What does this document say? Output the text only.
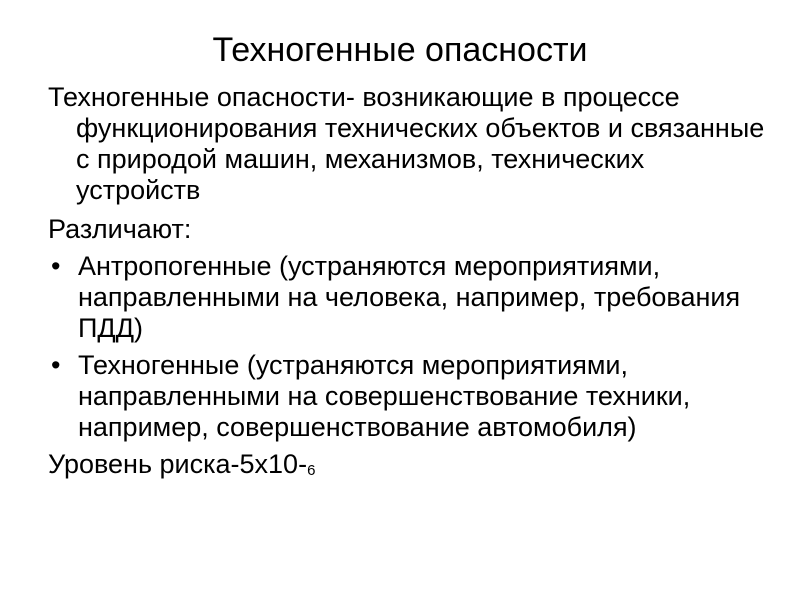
Техногенные опасности

Техногенные опасности- возникающие в процессе функционирования технических объектов и связанные с природой машин, механизмов, технических устройств

Различают:

• Антропогенные (устраняются мероприятиями, направленными на человека, например, требования ПДД)
• Техногенные (устраняются мероприятиями, направленными на совершенствование техники, например, совершенствование автомобиля)

Уровень риска-$5х10-_6$
